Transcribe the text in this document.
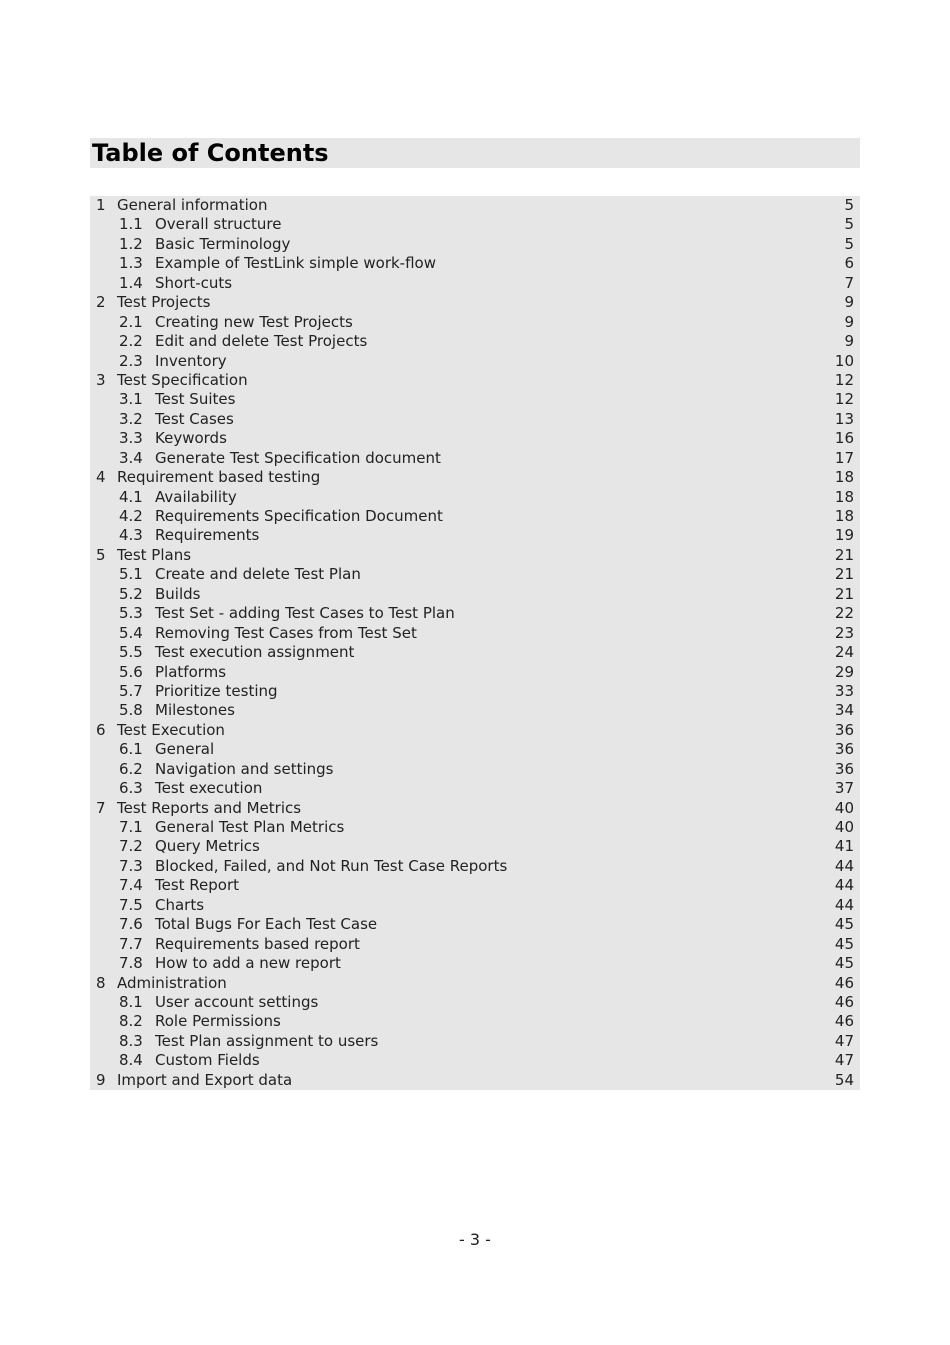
Table of Contents
1 General information	5
1.1 Overall structure	5
1.2 Basic Terminology	5
1.3 Example of TestLink simple work-flow	6
1.4 Short-cuts	7
2 Test Projects	9
2.1 Creating new Test Projects	9
2.2 Edit and delete Test Projects	9
2.3 Inventory	10
3 Test Specification	12
3.1 Test Suites	12
3.2 Test Cases	13
3.3 Keywords	16
3.4 Generate Test Specification document	17
4 Requirement based testing	18
4.1 Availability	18
4.2 Requirements Specification Document	18
4.3 Requirements	19
5 Test Plans	21
5.1 Create and delete Test Plan	21
5.2 Builds	21
5.3 Test Set - adding Test Cases to Test Plan	22
5.4 Removing Test Cases from Test Set	23
5.5 Test execution assignment	24
5.6 Platforms	29
5.7 Prioritize testing	33
5.8 Milestones	34
6 Test Execution	36
6.1 General	36
6.2 Navigation and settings	36
6.3 Test execution	37
7 Test Reports and Metrics	40
7.1 General Test Plan Metrics	40
7.2 Query Metrics	41
7.3 Blocked, Failed, and Not Run Test Case Reports	44
7.4 Test Report	44
7.5 Charts	44
7.6 Total Bugs For Each Test Case	45
7.7 Requirements based report	45
7.8 How to add a new report	45
8 Administration	46
8.1 User account settings	46
8.2 Role Permissions	46
8.3 Test Plan assignment to users	47
8.4 Custom Fields	47
9 Import and Export data	54
- 3 -
